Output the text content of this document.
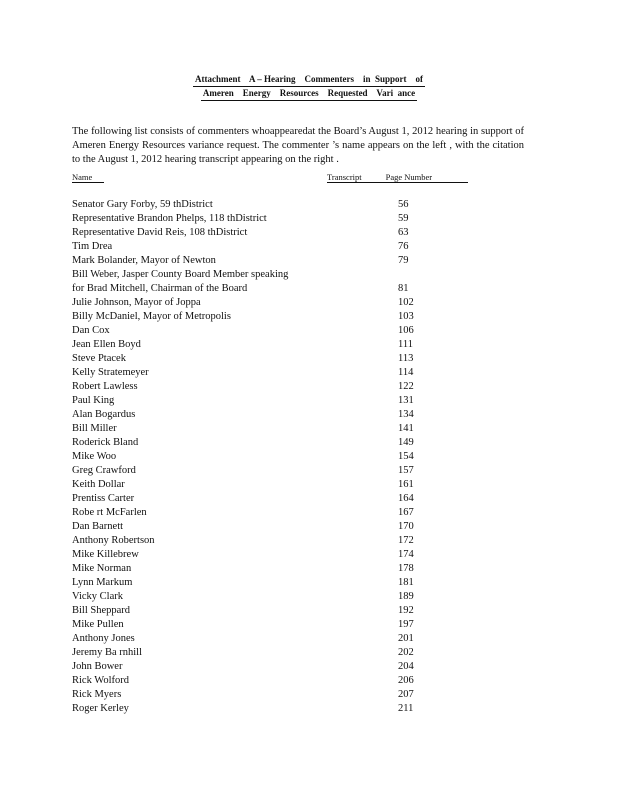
Attachment    A – Hearing    Commenters    in  Support    of
Ameren    Energy    Resources    Requested    Vari  ance

The following list consists of commenters whoappearedat the Board’s August 1, 2012 hearing in support of Ameren Energy Resources variance request. The commenter ’s name appears on the left , with the citation to the August 1, 2012 hearing transcript appearing on the right .

Name	Transcript	Page Number
Senator Gary Forby, 59 thDistrict	56
Representative Brandon Phelps, 118 thDistrict	59
Representative David Reis, 108 thDistrict	63
Tim Drea	76
Mark Bolander, Mayor of Newton	79
Bill Weber, Jasper County Board Member speaking
for Brad Mitchell, Chairman of the Board	81
Julie Johnson, Mayor of Joppa	102
Billy McDaniel, Mayor of Metropolis	103
Dan Cox	106
Jean Ellen Boyd	111
Steve Ptacek	113
Kelly Stratemeyer	114
Robert Lawless	122
Paul King	131
Alan Bogardus	134
Bill Miller	141
Roderick Bland	149
Mike Woo	154
Greg Crawford	157
Keith Dollar	161
Prentiss Carter	164
Robe rt McFarlen	167
Dan Barnett	170
Anthony Robertson	172
Mike Killebrew	174
Mike Norman	178
Lynn Markum	181
Vicky Clark	189
Bill Sheppard	192
Mike Pullen	197
Anthony Jones	201
Jeremy Ba rnhill	202
John Bower	204
Rick Wolford	206
Rick Myers	207
Roger Kerley	211
